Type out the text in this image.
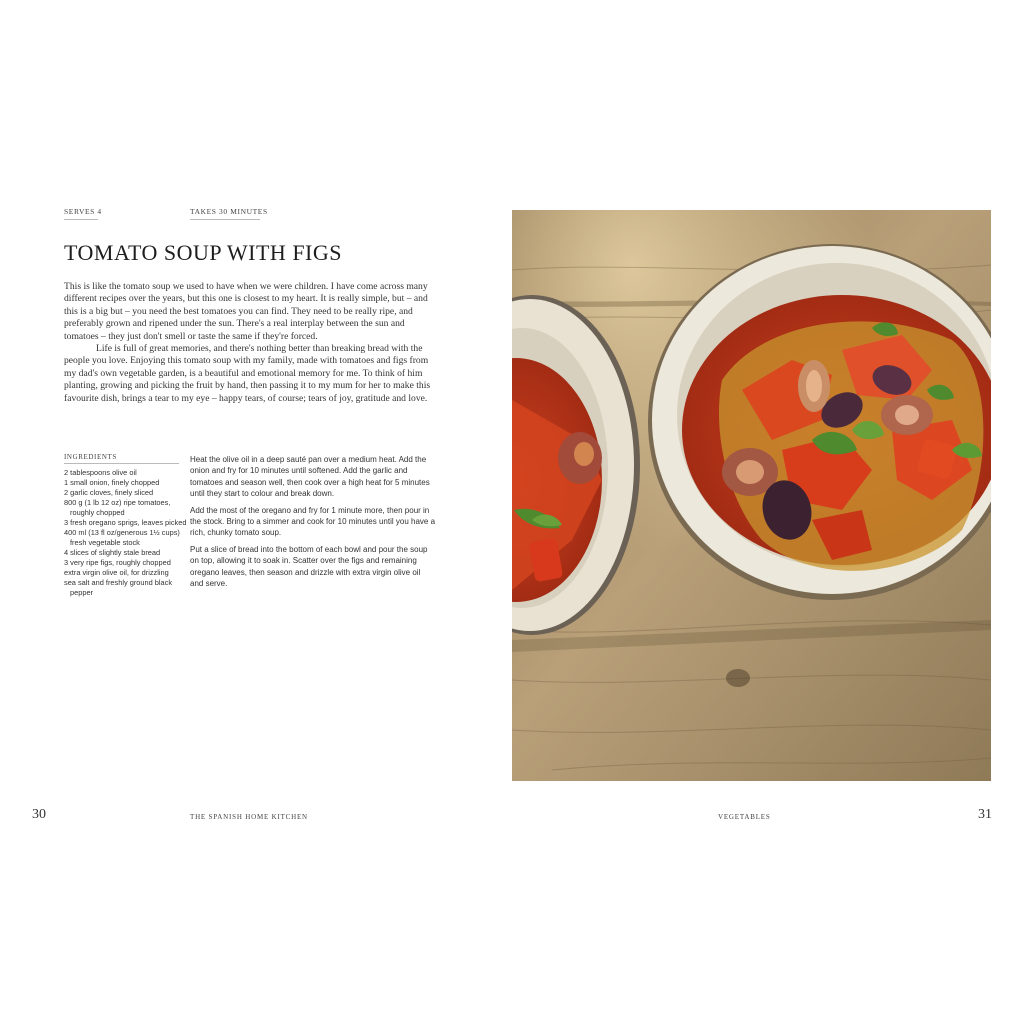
SERVES 4	TAKES 30 MINUTES
TOMATO SOUP WITH FIGS

This is like the tomato soup we used to have when we were children. I have come across many different recipes over the years, but this one is closest to my heart. It is really simple, but – and this is a big but – you need the best tomatoes you can find. They need to be really ripe, and preferably grown and ripened under the sun. There's a real interplay between the sun and tomatoes – they just don't smell or taste the same if they're forced.

Life is full of great memories, and there's nothing better than breaking bread with the people you love. Enjoying this tomato soup with my family, made with tomatoes and figs from my dad's own vegetable garden, is a beautiful and emotional memory for me. To think of him planting, growing and picking the fruit by hand, then passing it to my mum for her to make this favourite dish, brings a tear to my eye – happy tears, of course; tears of joy, gratitude and love.

INGREDIENTS
2 tablespoons olive oil
1 small onion, finely chopped
2 garlic cloves, finely sliced
800 g (1 lb 12 oz) ripe tomatoes, roughly chopped
3 fresh oregano sprigs, leaves picked
400 ml (13 fl oz/generous 1½ cups) fresh vegetable stock
4 slices of slightly stale bread
3 very ripe figs, roughly chopped
extra virgin olive oil, for drizzling
sea salt and freshly ground black pepper

Heat the olive oil in a deep sauté pan over a medium heat. Add the onion and fry for 10 minutes until softened. Add the garlic and tomatoes and season well, then cook over a high heat for 5 minutes until they start to colour and break down.

Add the most of the oregano and fry for 1 minute more, then pour in the stock. Bring to a simmer and cook for 10 minutes until you have a rich, chunky tomato soup.

Put a slice of bread into the bottom of each bowl and pour the soup on top, allowing it to soak in. Scatter over the figs and remaining oregano leaves, then season and drizzle with extra virgin olive oil and serve.

30	THE SPANISH HOME KITCHEN	VEGETABLES	31
